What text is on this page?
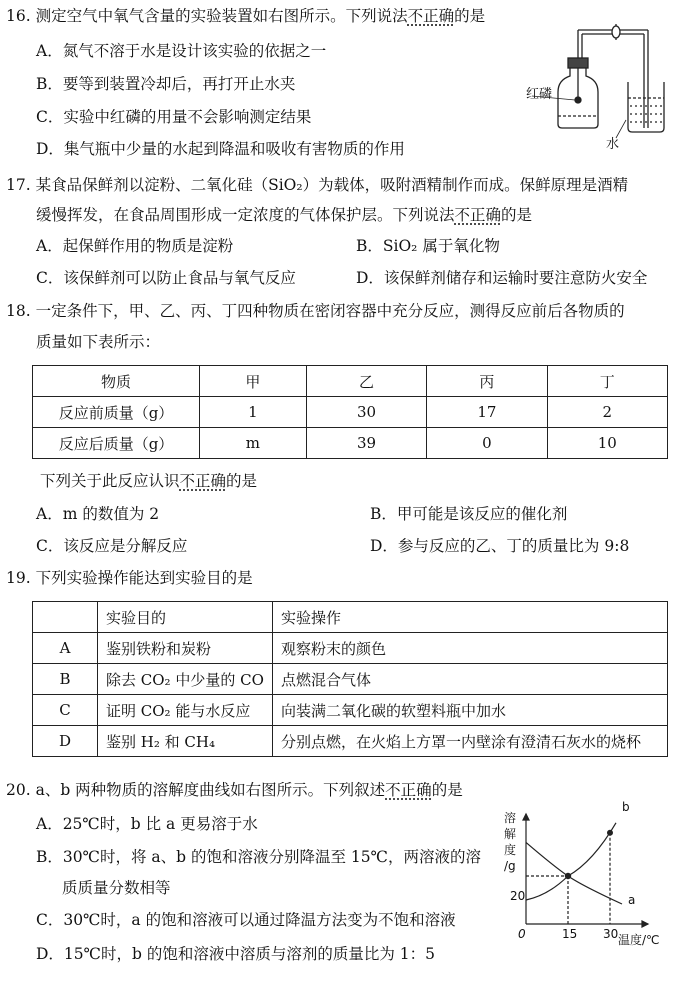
16. 测定空气中氧气含量的实验装置如右图所示。下列说法不正确的是
A．氮气不溶于水是设计该实验的依据之一
B．要等到装置冷却后，再打开止水夹
C．实验中红磷的用量不会影响测定结果
D．集气瓶中少量的水起到降温和吸收有害物质的作用
红磷
水
17. 某食品保鲜剂以淀粉、二氧化硅（SiO₂）为载体，吸附酒精制作而成。保鲜原理是酒精
缓慢挥发，在食品周围形成一定浓度的气体保护层。下列说法不正确的是
A．起保鲜作用的物质是淀粉	B．SiO₂ 属于氧化物
C．该保鲜剂可以防止食品与氧气反应	D．该保鲜剂储存和运输时要注意防火安全
18. 一定条件下，甲、乙、丙、丁四种物质在密闭容器中充分反应，测得反应前后各物质的
质量如下表所示：
物质	甲	乙	丙	丁
反应前质量（g）	1	30	17	2
反应后质量（g）	m	39	0	10
下列关于此反应认识不正确的是
A．m 的数值为 2	B．甲可能是该反应的催化剂
C．该反应是分解反应	D．参与反应的乙、丁的质量比为 9:8
19. 下列实验操作能达到实验目的是
	实验目的	实验操作
A	鉴别铁粉和炭粉	观察粉末的颜色
B	除去 CO₂ 中少量的 CO	点燃混合气体
C	证明 CO₂ 能与水反应	向装满二氧化碳的软塑料瓶中加水
D	鉴别 H₂ 和 CH₄	分别点燃，在火焰上方罩一内壁涂有澄清石灰水的烧杯
20. a、b 两种物质的溶解度曲线如右图所示。下列叙述不正确的是
A．25℃时，b 比 a 更易溶于水
B．30℃时，将 a、b 的饱和溶液分别降温至 15℃，两溶液的溶
质质量分数相等
C．30℃时，a 的饱和溶液可以通过降温方法变为不饱和溶液
D．15℃时，b 的饱和溶液中溶质与溶剂的质量比为 1：5
溶
解
度
/g
20
0	15 30 温度/℃
a
b
